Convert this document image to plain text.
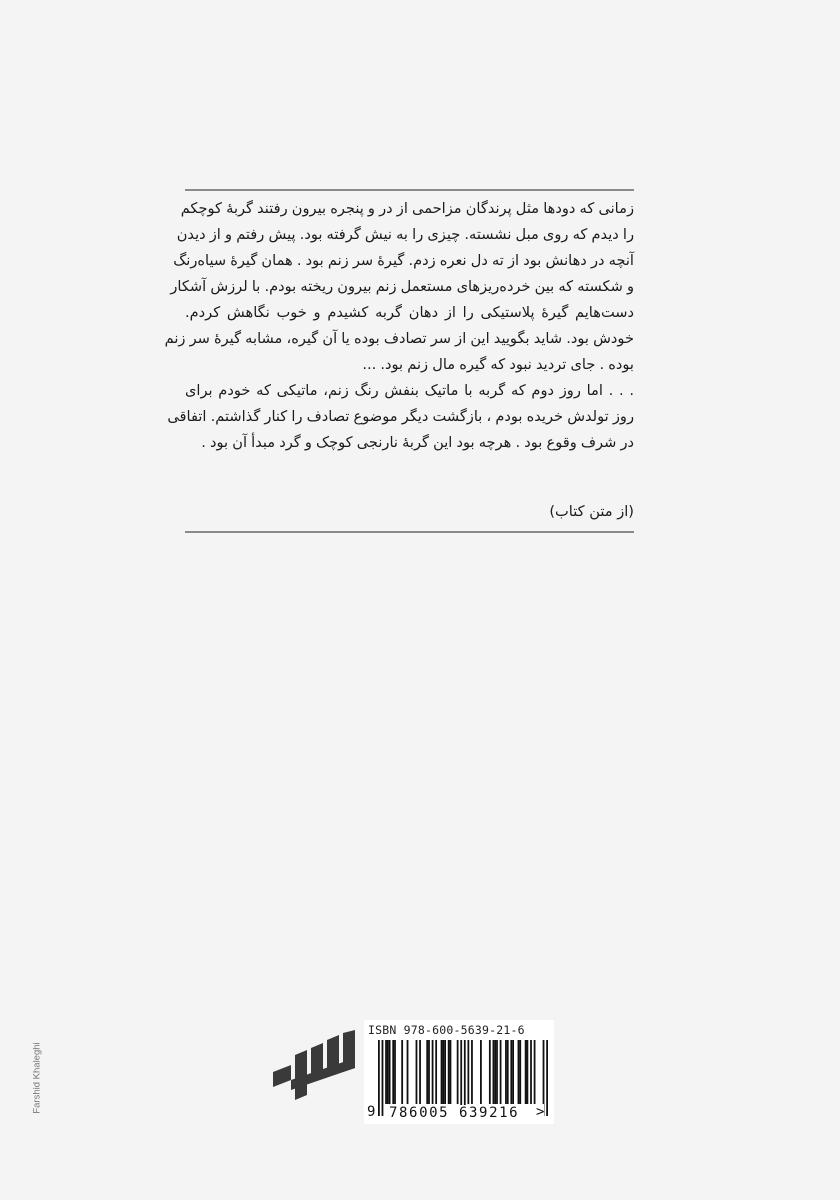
زمانی که دودها مثل پرندگان مزاحمی از در و پنجره بیرون رفتند گربهٔ کوچکم
را دیدم که روی مبل نشسته. چیزی را به نیش گرفته بود. پیش رفتم و از دیدن
آنچه در دهانش بود از ته دل نعره زدم. گیرهٔ سر زنم بود . همان گیرهٔ سیاه‌رنگ
و شکسته که بین خرده‌ریزهای مستعمل زنم بیرون ریخته بودم. با لرزش آشکار
دست‌هایم گیرهٔ پلاستیکی را از دهان گربه کشیدم و خوب نگاهش کردم.
خودش بود. شاید بگویید این از سر تصادف بوده یا آن گیره، مشابه گیرهٔ سر زنم
بوده . جای تردید نبود که گیره مال زنم بود. ...

. . . اما روز دوم که گربه با ماتیک بنفش رنگ زنم، ماتیکی که خودم برای
روز تولدش خریده بودم ، بازگشت دیگر موضوع تصادف را کنار گذاشتم. اتفاقی
در شرف وقوع بود . هرچه بود این گربهٔ نارنجی کوچک و گرد مبدأ آن بود .

(از متن کتاب)
Farshid Khaleghi
ISBN 978-600-5639-21-6
9 786005 639216 >
